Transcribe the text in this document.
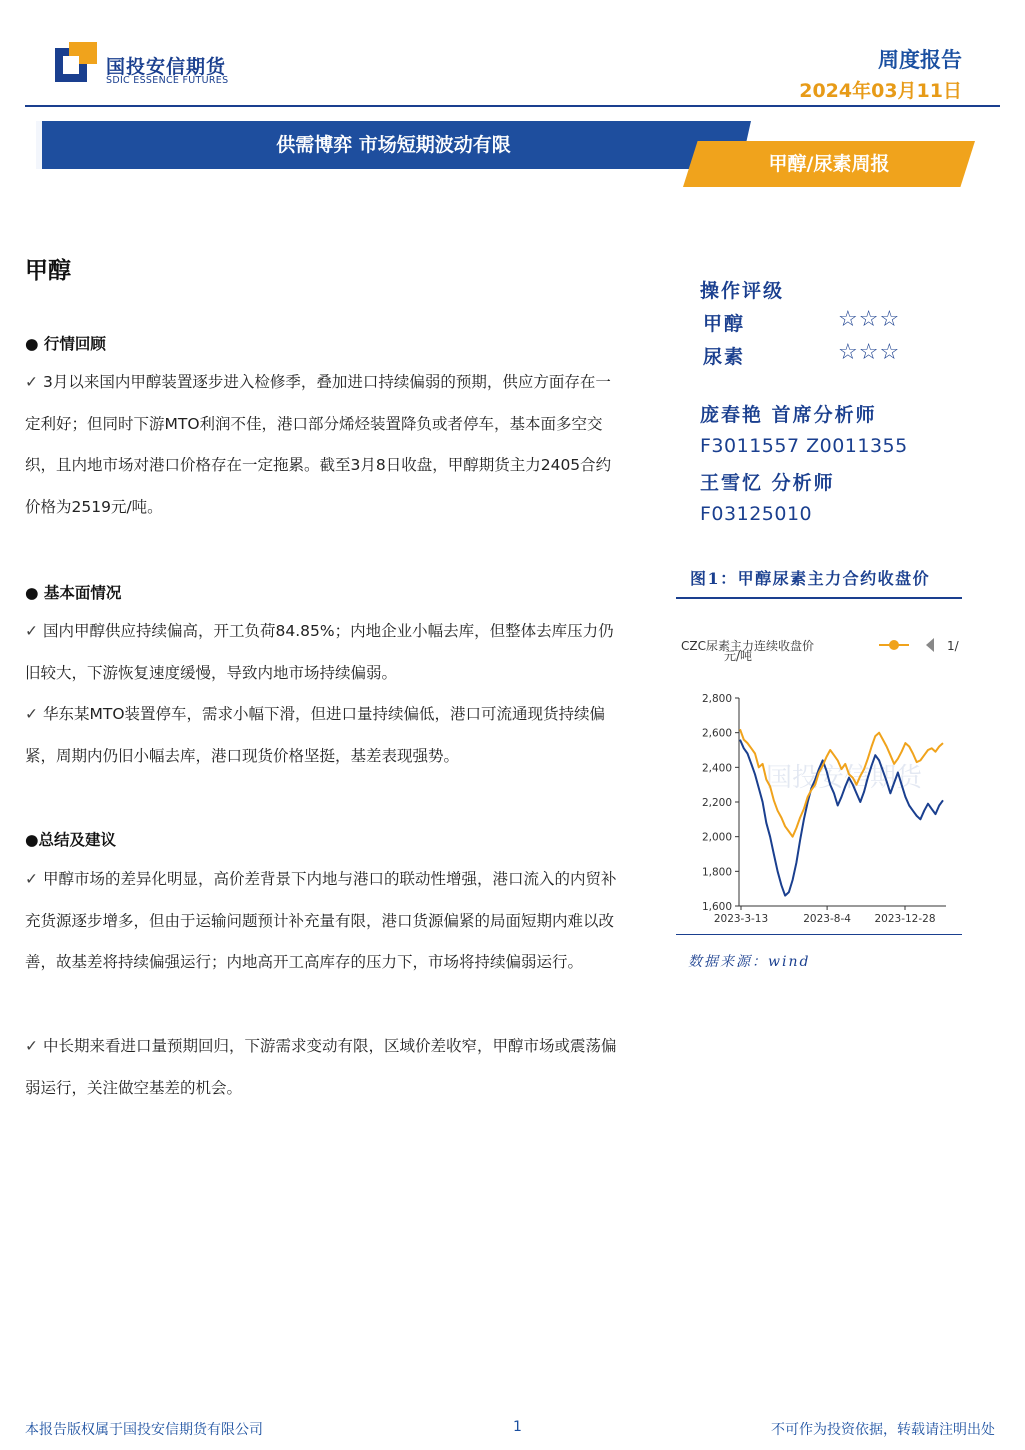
国投安信期货
SDIC ESSENCE FUTURES
周度报告
2024年03月11日
供需博弈 市场短期波动有限
甲醇/尿素周报
甲醇
● 行情回顾
✓ 3月以来国内甲醇装置逐步进入检修季，叠加进口持续偏弱的预期，供应方面存在一定利好；但同时下游MTO利润不佳，港口部分烯烃装置降负或者停车，基本面多空交织，且内地市场对港口价格存在一定拖累。截至3月8日收盘，甲醇期货主力2405合约价格为2519元/吨。
● 基本面情况
✓ 国内甲醇供应持续偏高，开工负荷84.85%；内地企业小幅去库，但整体去库压力仍旧较大，下游恢复速度缓慢，导致内地市场持续偏弱。
✓ 华东某MTO装置停车，需求小幅下滑，但进口量持续偏低，港口可流通现货持续偏紧，周期内仍旧小幅去库，港口现货价格坚挺，基差表现强势。
●总结及建议
✓ 甲醇市场的差异化明显，高价差背景下内地与港口的联动性增强，港口流入的内贸补充货源逐步增多，但由于运输问题预计补充量有限，港口货源偏紧的局面短期内难以改善，故基差将持续偏强运行；内地高开工高库存的压力下，市场将持续偏弱运行。
✓ 中长期来看进口量预期回归，下游需求变动有限，区域价差收窄，甲醇市场或震荡偏弱运行，关注做空基差的机会。
操作评级
甲醇	☆☆☆
尿素	☆☆☆
庞春艳 首席分析师
F3011557 Z0011355
王雪忆 分析师
F03125010
图1：甲醇尿素主力合约收盘价
国投安信期货
CZC尿素主力连续收盘价	1/
元/吨
1,600
1,800
2,000
2,200
2,400
2,600
2,800
2023-3-13	2023-8-4 2023-12-28
数据来源：wind
本报告版权属于国投安信期货有限公司	1	不可作为投资依据，转载请注明出处
